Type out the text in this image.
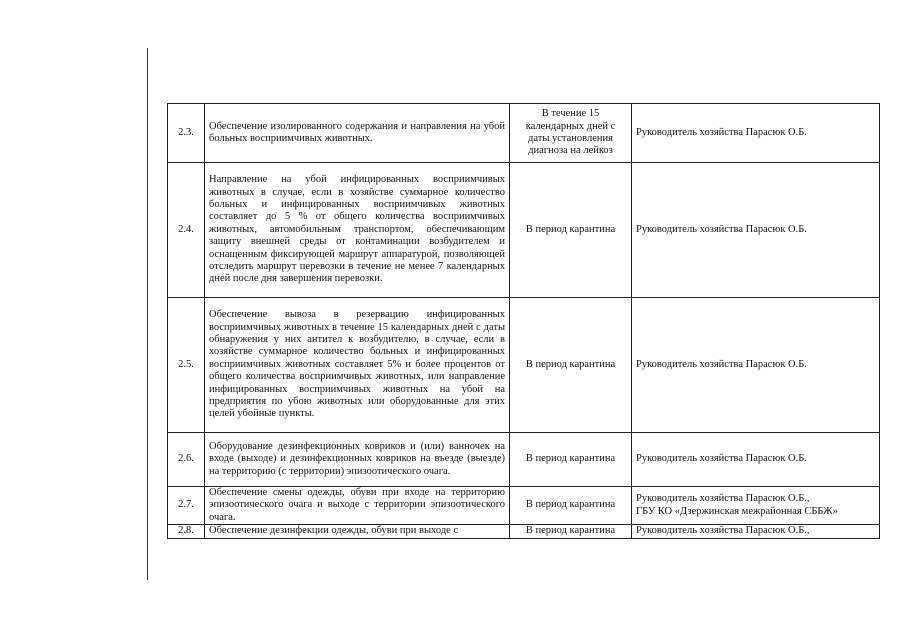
2.3.	Обеспечение изолированного содержания и направления на убой больных восприимчивых животных.	В течение 15 календарных дней с даты установления диагноза на лейкоз	Руководитель хозяйства Парасюк О.Б.
2.4.	Направление на убой инфицированных восприимчивых животных в случае, если в хозяйстве суммарное количество больных и инфицированных восприимчивых животных составляет до 5 % от общего количества восприимчивых животных, автомобильным транспортом, обеспечивающим защиту внешней среды от контаминации возбудителем и оснащенным фиксирующей маршрут аппаратурой, позволяющей отследить маршрут перевозки в течение не менее 7 календарных дней после дня завершения перевозки.	В период карантина	Руководитель хозяйства Парасюк О.Б.
2.5.	Обеспечение вывоза в резервацию инфицированных восприимчивых животных в течение 15 календарных дней с даты обнаружения у них антител к возбудителю, в случае, если в хозяйстве суммарное количество больных и инфицированных восприимчивых животных составляет 5% и более процентов от общего количества восприимчивых животных, или направление инфицированных восприимчивых животных на убой на предприятия по убою животных или оборудованные для этих целей убойные пункты.	В период карантина	Руководитель хозяйства Парасюк О.Б.
2.6.	Оборудование дезинфекционных ковриков и (или) ванночек на входе (выходе) и дезинфекционных ковриков на въезде (выезде) на территорию (с территории) эпизоотического очага.	В период карантина	Руководитель хозяйства Парасюк О.Б.
2.7.	Обеспечение смены одежды, обуви при входе на территорию эпизоотического очага и выходе с территории эпизоотического очага.	В период карантина	Руководитель хозяйства Парасюк О.Б.,
ГБУ КО «Дзержинская межрайонная СББЖ»

2.8.	Обеспечение дезинфекции одежды, обуви при выходе с	В период карантина	Руководитель хозяйства Парасюк О.Б.,
